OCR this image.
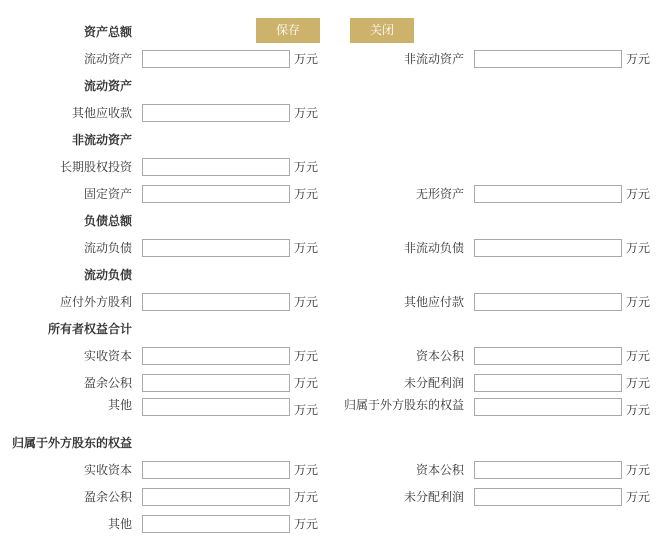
资产总额
流动资产	万元	非流动资产	万元
流动资产
其他应收款	万元
非流动资产
长期股权投资	万元
固定资产	万元	无形资产	万元
负债总额
流动负债	万元	非流动负债	万元
流动负债
应付外方股利	万元	其他应付款	万元
所有者权益合计
实收资本	万元	资本公积	万元
盈余公积	万元	未分配利润	万元
其他	万元	归属于外方股东的权益	万元
归属于外方股东的权益
实收资本	万元	资本公积	万元
盈余公积	万元	未分配利润	万元
其他	万元
保存	关闭
